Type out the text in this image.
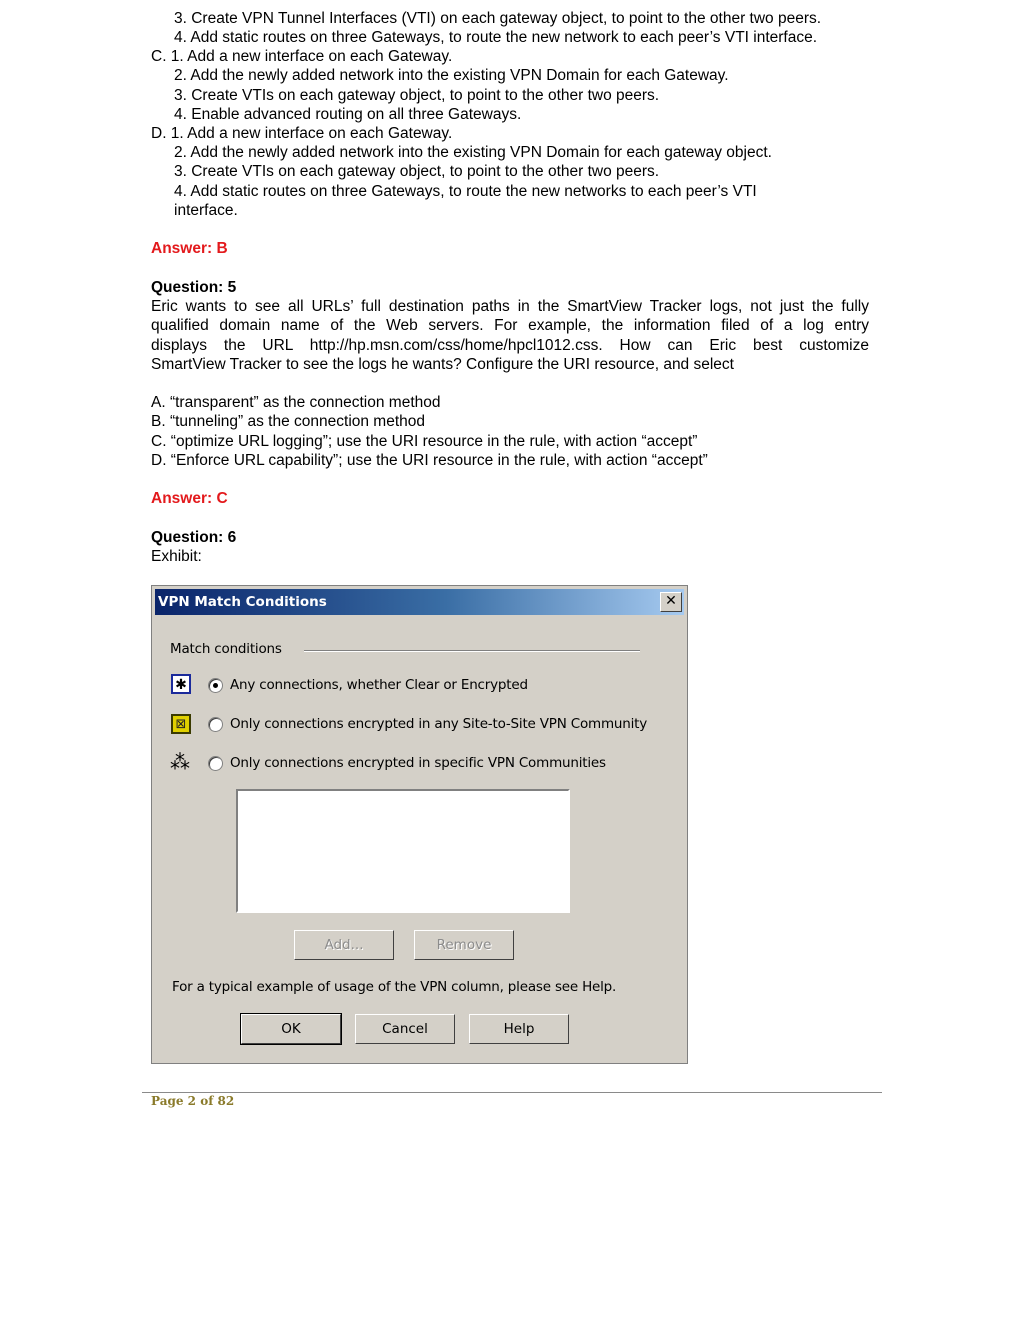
3. Create VPN Tunnel Interfaces (VTI) on each gateway object, to point to the other two peers.
4. Add static routes on three Gateways, to route the new network to each peer’s VTI interface.
C. 1. Add a new interface on each Gateway.
2. Add the newly added network into the existing VPN Domain for each Gateway.
3. Create VTIs on each gateway object, to point to the other two peers.
4. Enable advanced routing on all three Gateways.
D. 1. Add a new interface on each Gateway.
2. Add the newly added network into the existing VPN Domain for each gateway object.
3. Create VTIs on each gateway object, to point to the other two peers.
4. Add static routes on three Gateways, to route the new networks to each peer’s VTI
interface.
Answer: B
Question: 5
Eric wants to see all URLs’ full destination paths in the SmartView Tracker logs, not just the fully
qualified domain name of the Web servers. For example, the information filed of a log entry
displays the URL http://hp.msn.com/css/home/hpcl1012.css. How can Eric best customize
SmartView Tracker to see the logs he wants? Configure the URI resource, and select
A. “transparent” as the connection method
B. “tunneling” as the connection method
C. “optimize URL logging”; use the URI resource in the rule, with action “accept”
D. “Enforce URL capability”; use the URI resource in the rule, with action “accept”
Answer: C
Question: 6
Exhibit:
VPN Match Conditions	✕
Match conditions
✱	Any connections, whether Clear or Encrypted
⊠	Only connections encrypted in any Site-to-Site VPN Community
⁂	Only connections encrypted in specific VPN Communities
Add...	Remove
For a typical example of usage of the VPN column, please see Help.
OK	Cancel	Help
Page 2 of 82
